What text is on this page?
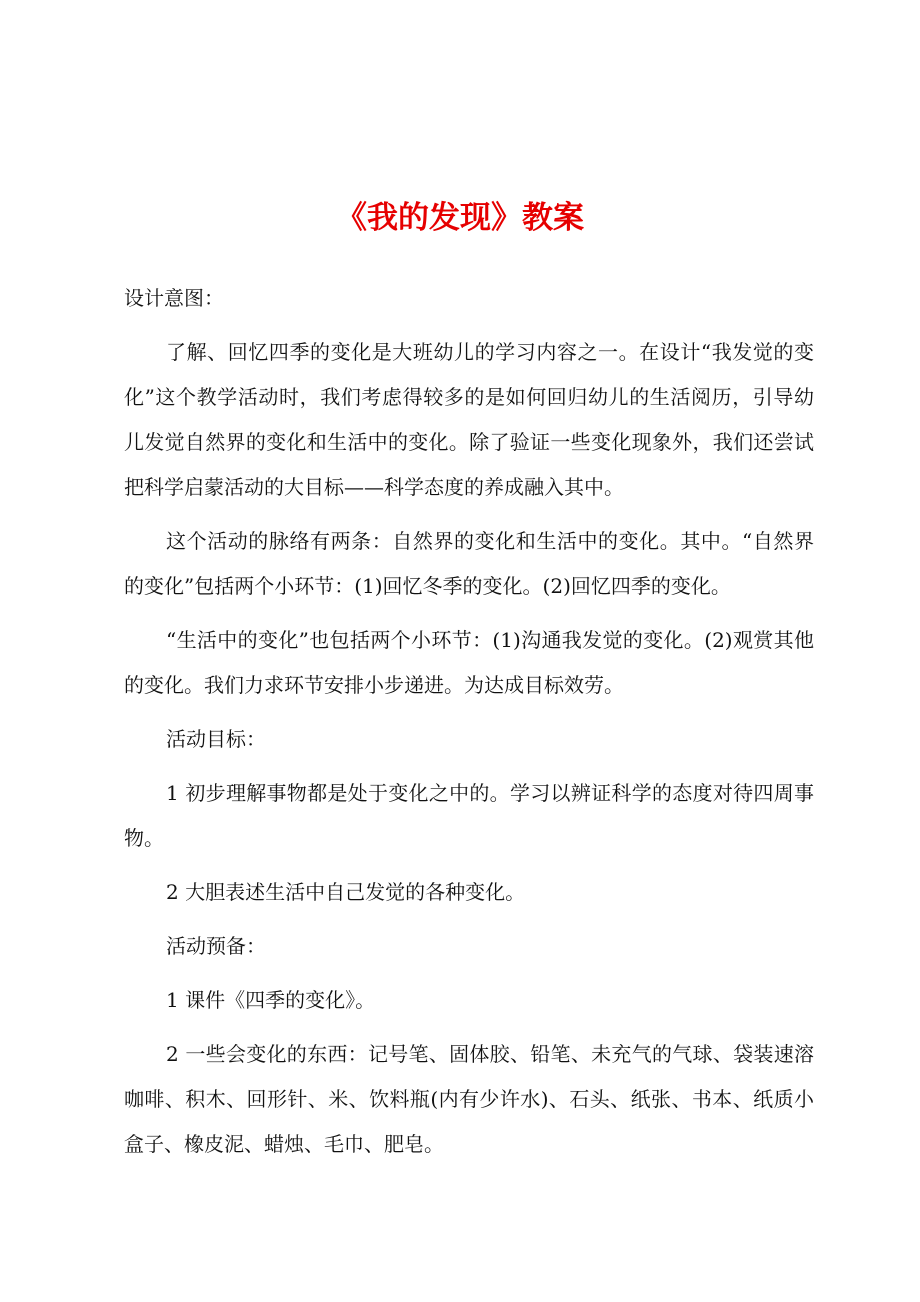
《我的发现》教案

设计意图：

了解、回忆四季的变化是大班幼儿的学习内容之一。在设计“我发觉的变化”这个教学活动时，我们考虑得较多的是如何回归幼儿的生活阅历，引导幼儿发觉自然界的变化和生活中的变化。除了验证一些变化现象外，我们还尝试把科学启蒙活动的大目标——科学态度的养成融入其中。

这个活动的脉络有两条：自然界的变化和生活中的变化。其中。“自然界的变化”包括两个小环节：(1)回忆冬季的变化。(2)回忆四季的变化。

“生活中的变化”也包括两个小环节：(1)沟通我发觉的变化。(2)观赏其他的变化。我们力求环节安排小步递进。为达成目标效劳。

活动目标：

1 初步理解事物都是处于变化之中的。学习以辨证科学的态度对待四周事物。

2 大胆表述生活中自己发觉的各种变化。

活动预备：

1 课件《四季的变化》。

2 一些会变化的东西：记号笔、固体胶、铅笔、未充气的气球、袋装速溶咖啡、积木、回形针、米、饮料瓶(内有少许水)、石头、纸张、书本、纸质小盒子、橡皮泥、蜡烛、毛巾、肥皂。
